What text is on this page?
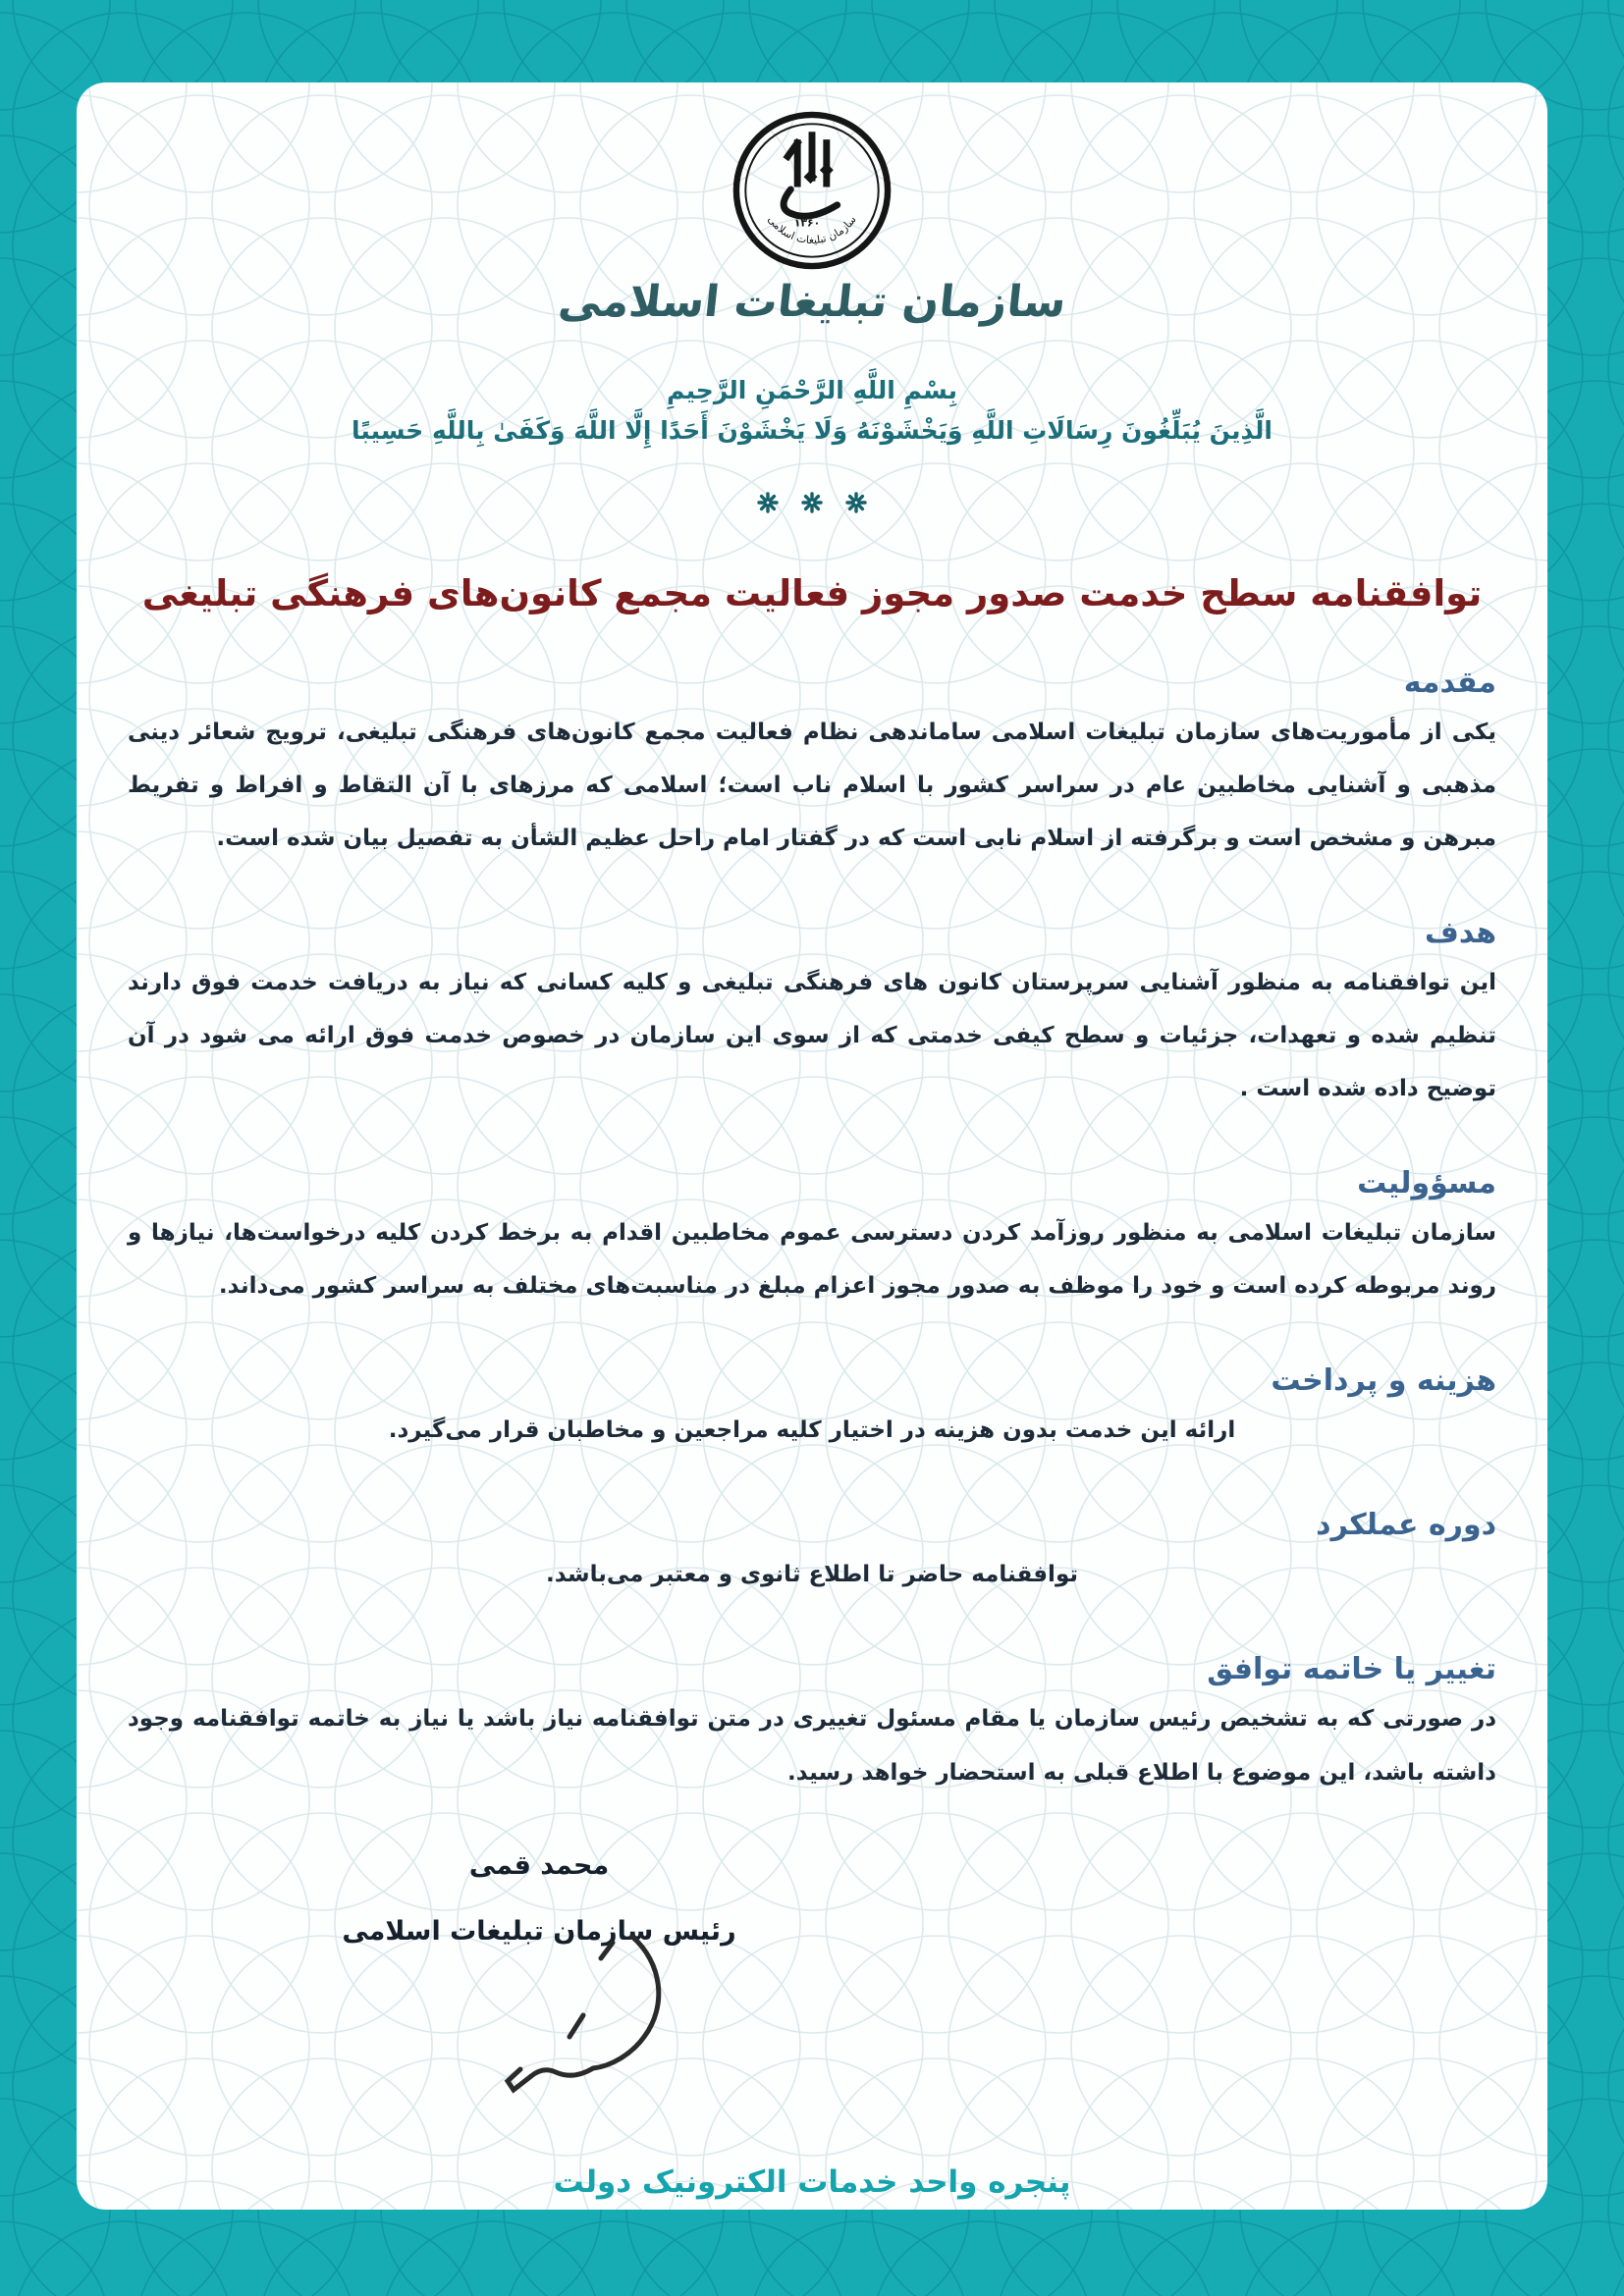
۱۳۶۰
سازمان تبلیغات اسلامی
سازمان تبلیغات اسلامی
بِسْمِ اللَّهِ الرَّحْمَنِ الرَّحِيمِ
الَّذِينَ يُبَلِّغُونَ رِسَالَاتِ اللَّهِ وَيَخْشَوْنَهُ وَلَا يَخْشَوْنَ أَحَدًا إِلَّا اللَّهَ وَكَفَىٰ بِاللَّهِ حَسِيبًا
توافقنامه سطح خدمت صدور مجوز فعالیت مجمع کانون‌های فرهنگی تبلیغی
مقدمه

یکی از مأموریت‌های سازمان تبلیغات اسلامی ساماندهی نظام فعالیت مجمع کانون‌های فرهنگی تبلیغی، ترویج شعائر دینی مذهبی و آشنایی مخاطبین عام در سراسر کشور با اسلام ناب است؛ اسلامی که مرزهای با آن التقاط و افراط و تفریط مبرهن و مشخص است و برگرفته از اسلام نابی است که در گفتار امام راحل عظیم الشأن به تفصیل بیان شده است.

هدف

این توافقنامه به منظور آشنایی سرپرستان کانون های فرهنگی تبلیغی و کلیه کسانی که نیاز به دریافت خدمت فوق دارند تنظیم شده و تعهدات، جزئیات و سطح کیفی خدمتی که از سوی این سازمان در خصوص خدمت فوق ارائه می شود در آن توضیح داده شده است .

مسؤولیت

سازمان تبلیغات اسلامی به منظور روزآمد کردن دسترسی عموم مخاطبین اقدام به برخط کردن کلیه درخواست‌ها، نیازها و روند مربوطه کرده است و خود را موظف به صدور مجوز اعزام مبلغ در مناسبت‌های مختلف به سراسر کشور می‌داند.

هزینه و پرداخت

ارائه این خدمت بدون هزینه در اختیار کلیه مراجعین و مخاطبان قرار می‌گیرد.

دوره عملکرد

توافقنامه حاضر تا اطلاع ثانوی و معتبر می‌باشد.

تغییر یا خاتمه توافق

در صورتی که به تشخیص رئیس سازمان یا مقام مسئول تغییری در متن توافقنامه نیاز باشد یا نیاز به خاتمه توافقنامه وجود داشته باشد، این موضوع با اطلاع قبلی به استحضار خواهد رسید.

محمد قمی
رئیس سازمان تبلیغات اسلامی
پنجره واحد خدمات الکترونیک دولت
